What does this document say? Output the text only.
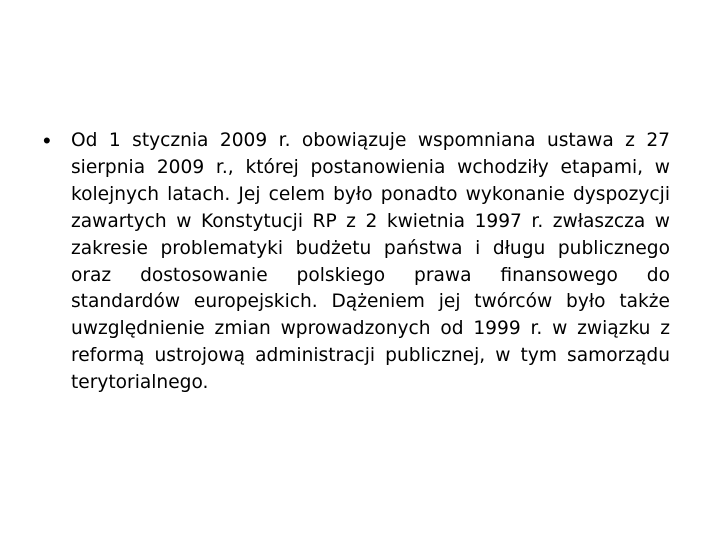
• Od 1 stycznia 2009 r. obowiązuje wspomniana ustawa z 27 sierpnia 2009 r., której postanowienia wchodziły etapami, w kolejnych latach. Jej celem było ponadto wykonanie dyspozycji zawartych w Konstytucji RP z 2 kwietnia 1997 r. zwłaszcza w zakresie problematyki budżetu państwa i długu publicznego oraz dostosowanie polskiego prawa finansowego do standardów europejskich. Dążeniem jej twórców było także uwzględnienie zmian wprowadzonych od 1999 r. w związku z reformą ustrojową administracji publicznej, w tym samorządu terytorialnego.
